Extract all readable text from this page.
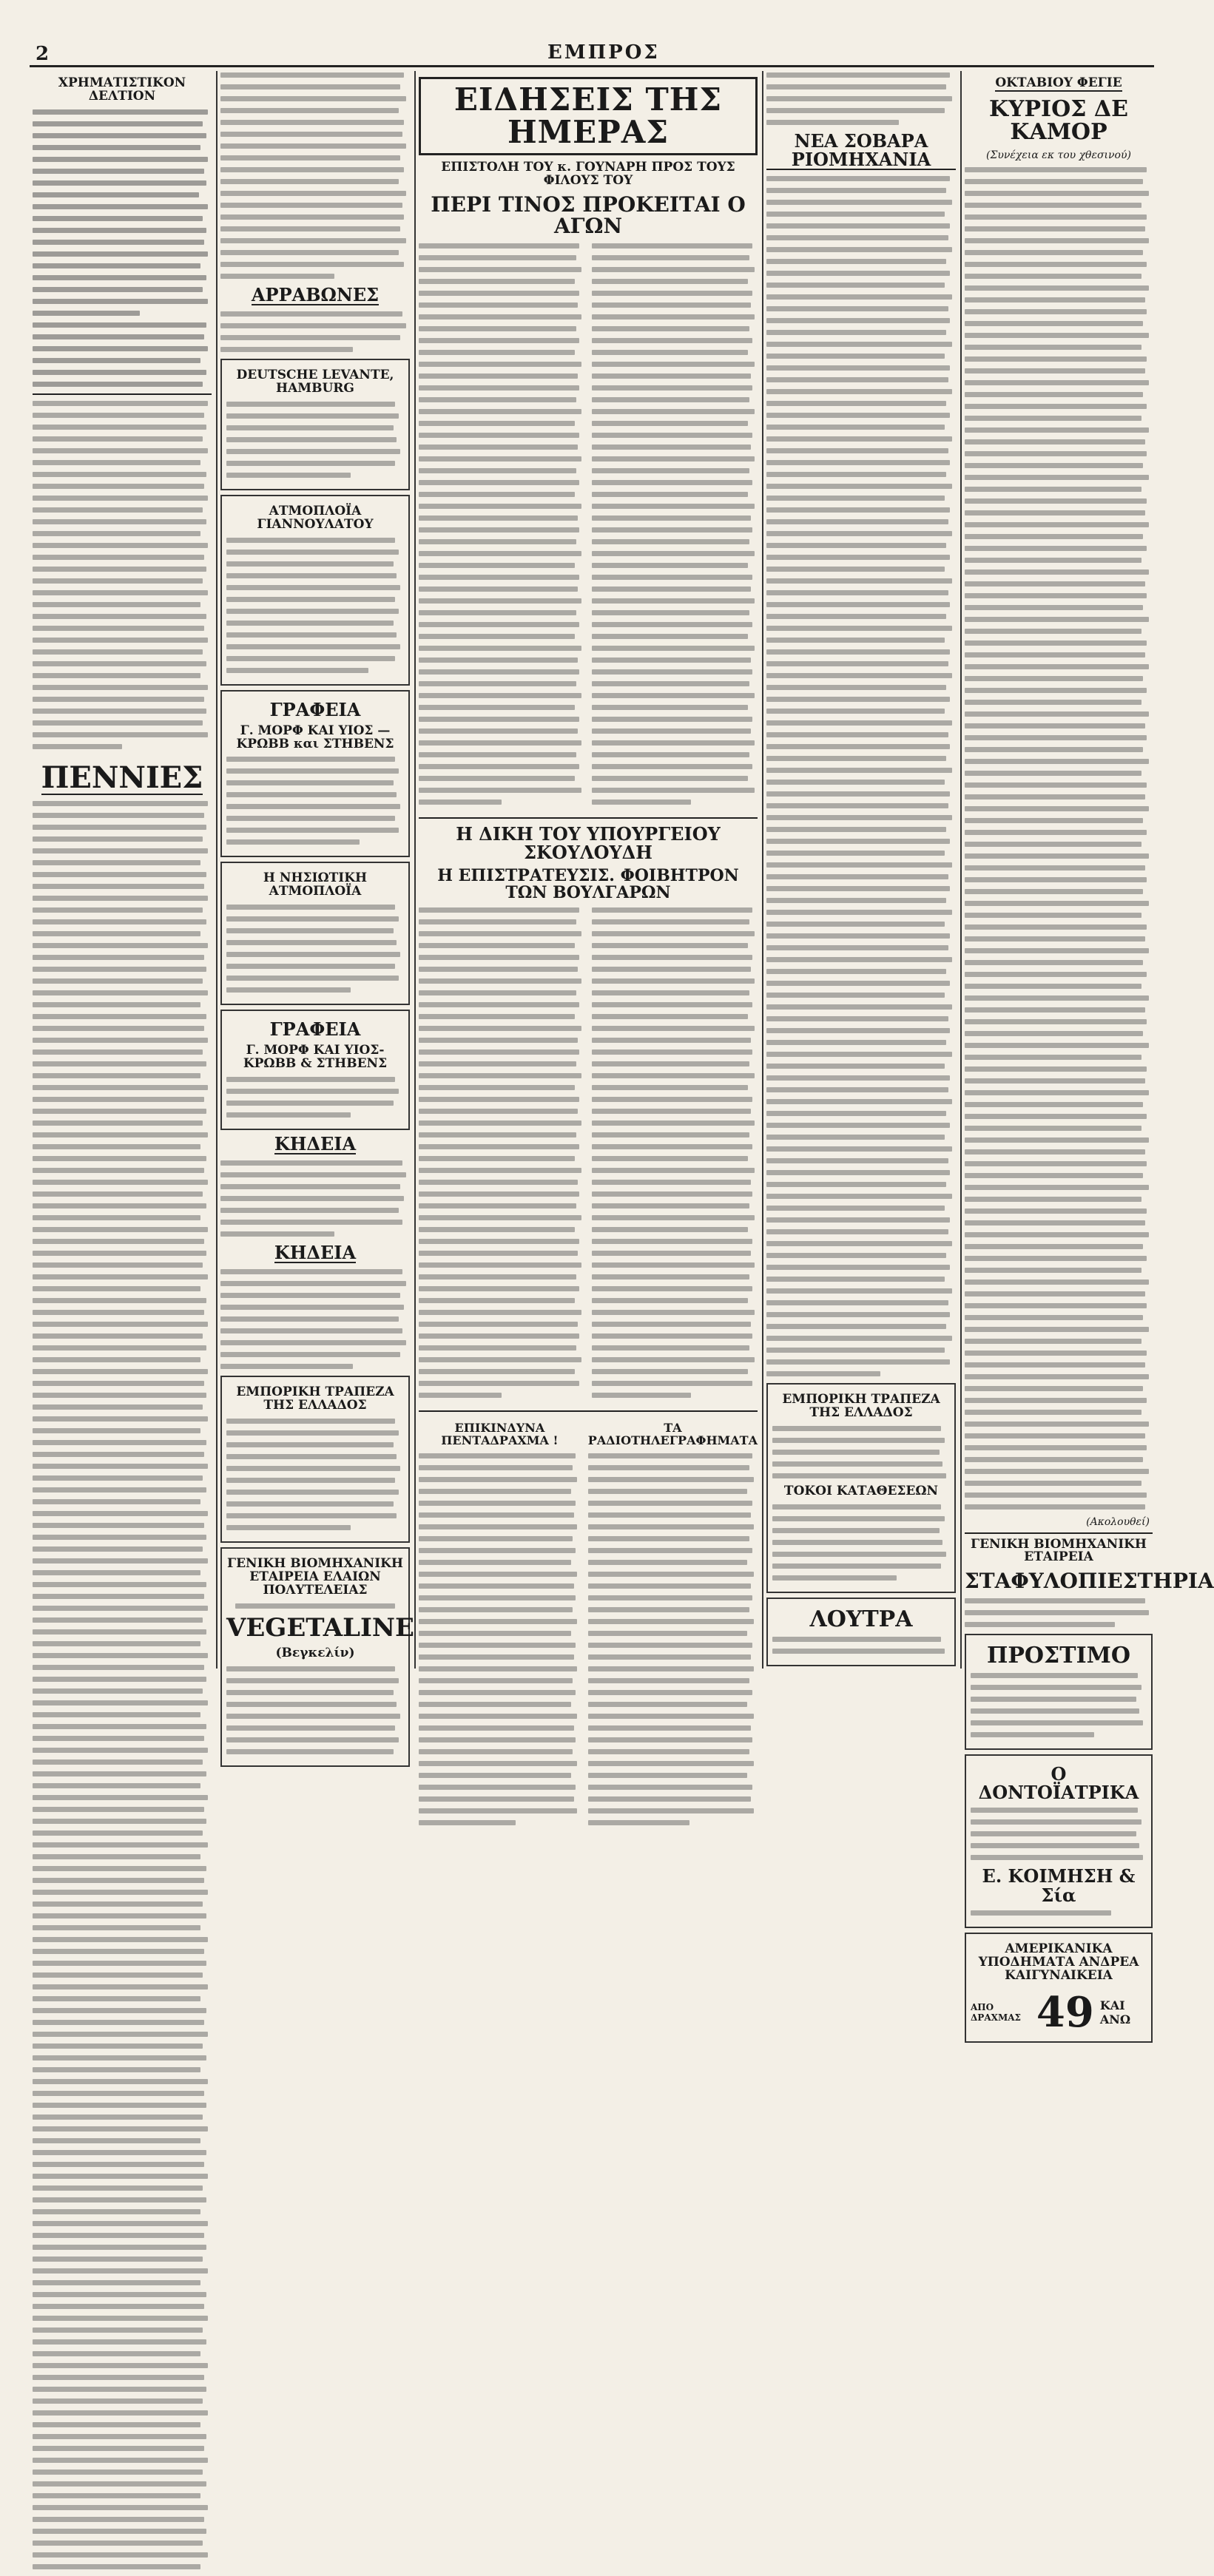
2	ΕΜΠΡΟΣ
ΧΡΗΜΑΤΙΣΤΙΚΟΝ ΔΕΛΤΙΟΝ
ΠΕΝΝΙΕΣ
ΑΡΡΑΒΩΝΕΣ
DEUTSCHE LEVANTE, HAMBURG
ΑΤΜΟΠΛΟΪΑ ΓΙΑΝΝΟΥΛΑΤΟΥ
ΓΡΑΦΕΙΑ
Γ. ΜΟΡΦ ΚΑΙ ΥΙΟΣ — ΚΡΩΒΒ και ΣΤΗΒΕΝΣ
Η ΝΗΣΙΩΤΙΚΗ ΑΤΜΟΠΛΟΪΑ
ΓΡΑΦΕΙΑ
Γ. ΜΟΡΦ ΚΑΙ ΥΙΟΣ-ΚΡΩΒΒ & ΣΤΗΒΕΝΣ
ΚΗΔΕΙΑ
ΚΗΔΕΙΑ
ΕΜΠΟΡΙΚΗ ΤΡΑΠΕΖΑ ΤΗΣ ΕΛΛΑΔΟΣ
ΓΕΝΙΚΗ ΒΙΟΜΗΧΑΝΙΚΗ ΕΤΑΙΡΕΙΑ ΕΛΑΙΩΝ ΠΟΛΥΤΕΛΕΙΑΣ
VEGETALINE
(Βεγκελίν)
ΕΙΔΗΣΕΙΣ ΤΗΣ ΗΜΕΡΑΣ
ΕΠΙΣΤΟΛΗ ΤΟΥ κ. ΓΟΥΝΑΡΗ ΠΡΟΣ ΤΟΥΣ ΦΙΛΟΥΣ ΤΟΥ
ΠΕΡΙ ΤΙΝΟΣ ΠΡΟΚΕΙΤΑΙ Ο ΑΓΩΝ
Η ΔΙΚΗ ΤΟΥ ΥΠΟΥΡΓΕΙΟΥ ΣΚΟΥΛΟΥΔΗ
Η ΕΠΙΣΤΡΑΤΕΥΣΙΣ. ΦΟΙΒΗΤΡΟΝ ΤΩΝ ΒΟΥΛΓΑΡΩΝ
ΕΠΙΚΙΝΔΥΝΑ ΠΕΝΤΑΔΡΑΧΜΑ !
ΤΑ ΡΑΔΙΟΤΗΛΕΓΡΑΦΗΜΑΤΑ
ΝΕΑ ΣΟΒΑΡΑ ΡΙΟΜΗΧΑΝΙΑ
ΕΜΠΟΡΙΚΗ ΤΡΑΠΕΖΑ ΤΗΣ ΕΛΛΑΔΟΣ
ΤΟΚΟΙ ΚΑΤΑΘΕΣΕΩΝ
ΛΟΥΤΡΑ
ΟΚΤΑΒΙΟΥ ΦΕΓΙΕ
ΚΥΡΙΟΣ ΔΕ ΚΑΜΟΡ
(Συνέχεια εκ του χθεσινού)
(Ακολουθεί)
ΓΕΝΙΚΗ ΒΙΟΜΗΧΑΝΙΚΗ ΕΤΑΙΡΕΙΑ
ΣΤΑΦΥΛΟΠΙΕΣΤΗΡΙΑ
ΠΡΟΣΤΙΜΟ
Ο ΔΟΝΤΟΪΑΤΡΙΚΑ
Ε. ΚΟΙΜΗΣΗ & Σία
ΑΜΕΡΙΚΑΝΙΚΑ ΥΠΟΔΗΜΑΤΑ ΑΝΔΡΕΑ ΚΑΙΓΥΝΑΙΚΕΙΑ
ΑΠΟ ΔΡΑΧΜΑΣ 49 ΚΑΙ ΑΝΩ
